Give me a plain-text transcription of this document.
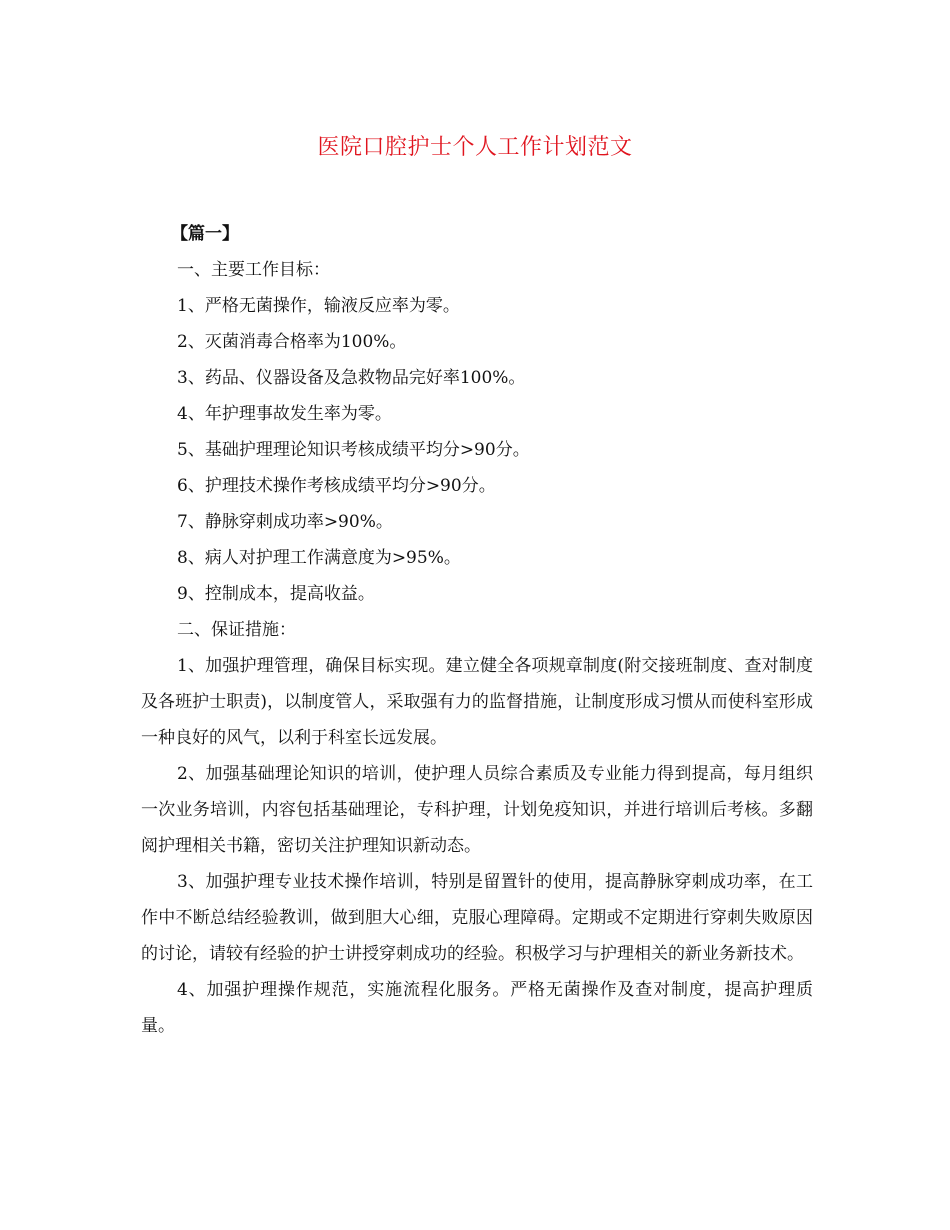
医院口腔护士个人工作计划范文
【篇一】
一、主要工作目标：
1、严格无菌操作，输液反应率为零。
2、灭菌消毒合格率为100%。
3、药品、仪器设备及急救物品完好率100%。
4、年护理事故发生率为零。
5、基础护理理论知识考核成绩平均分>90分。
6、护理技术操作考核成绩平均分>90分。
7、静脉穿刺成功率>90%。
8、病人对护理工作满意度为>95%。
9、控制成本，提高收益。
二、保证措施：

1、加强护理管理，确保目标实现。建立健全各项规章制度(附交接班制度、查对制度及各班护士职责)，以制度管人，采取强有力的监督措施，让制度形成习惯从而使科室形成一种良好的风气，以利于科室长远发展。

2、加强基础理论知识的培训，使护理人员综合素质及专业能力得到提高，每月组织一次业务培训，内容包括基础理论，专科护理，计划免疫知识，并进行培训后考核。多翻阅护理相关书籍，密切关注护理知识新动态。

3、加强护理专业技术操作培训，特别是留置针的使用，提高静脉穿刺成功率，在工作中不断总结经验教训，做到胆大心细，克服心理障碍。定期或不定期进行穿刺失败原因的讨论，请较有经验的护士讲授穿刺成功的经验。积极学习与护理相关的新业务新技术。

4、加强护理操作规范，实施流程化服务。严格无菌操作及查对制度，提高护理质量。
